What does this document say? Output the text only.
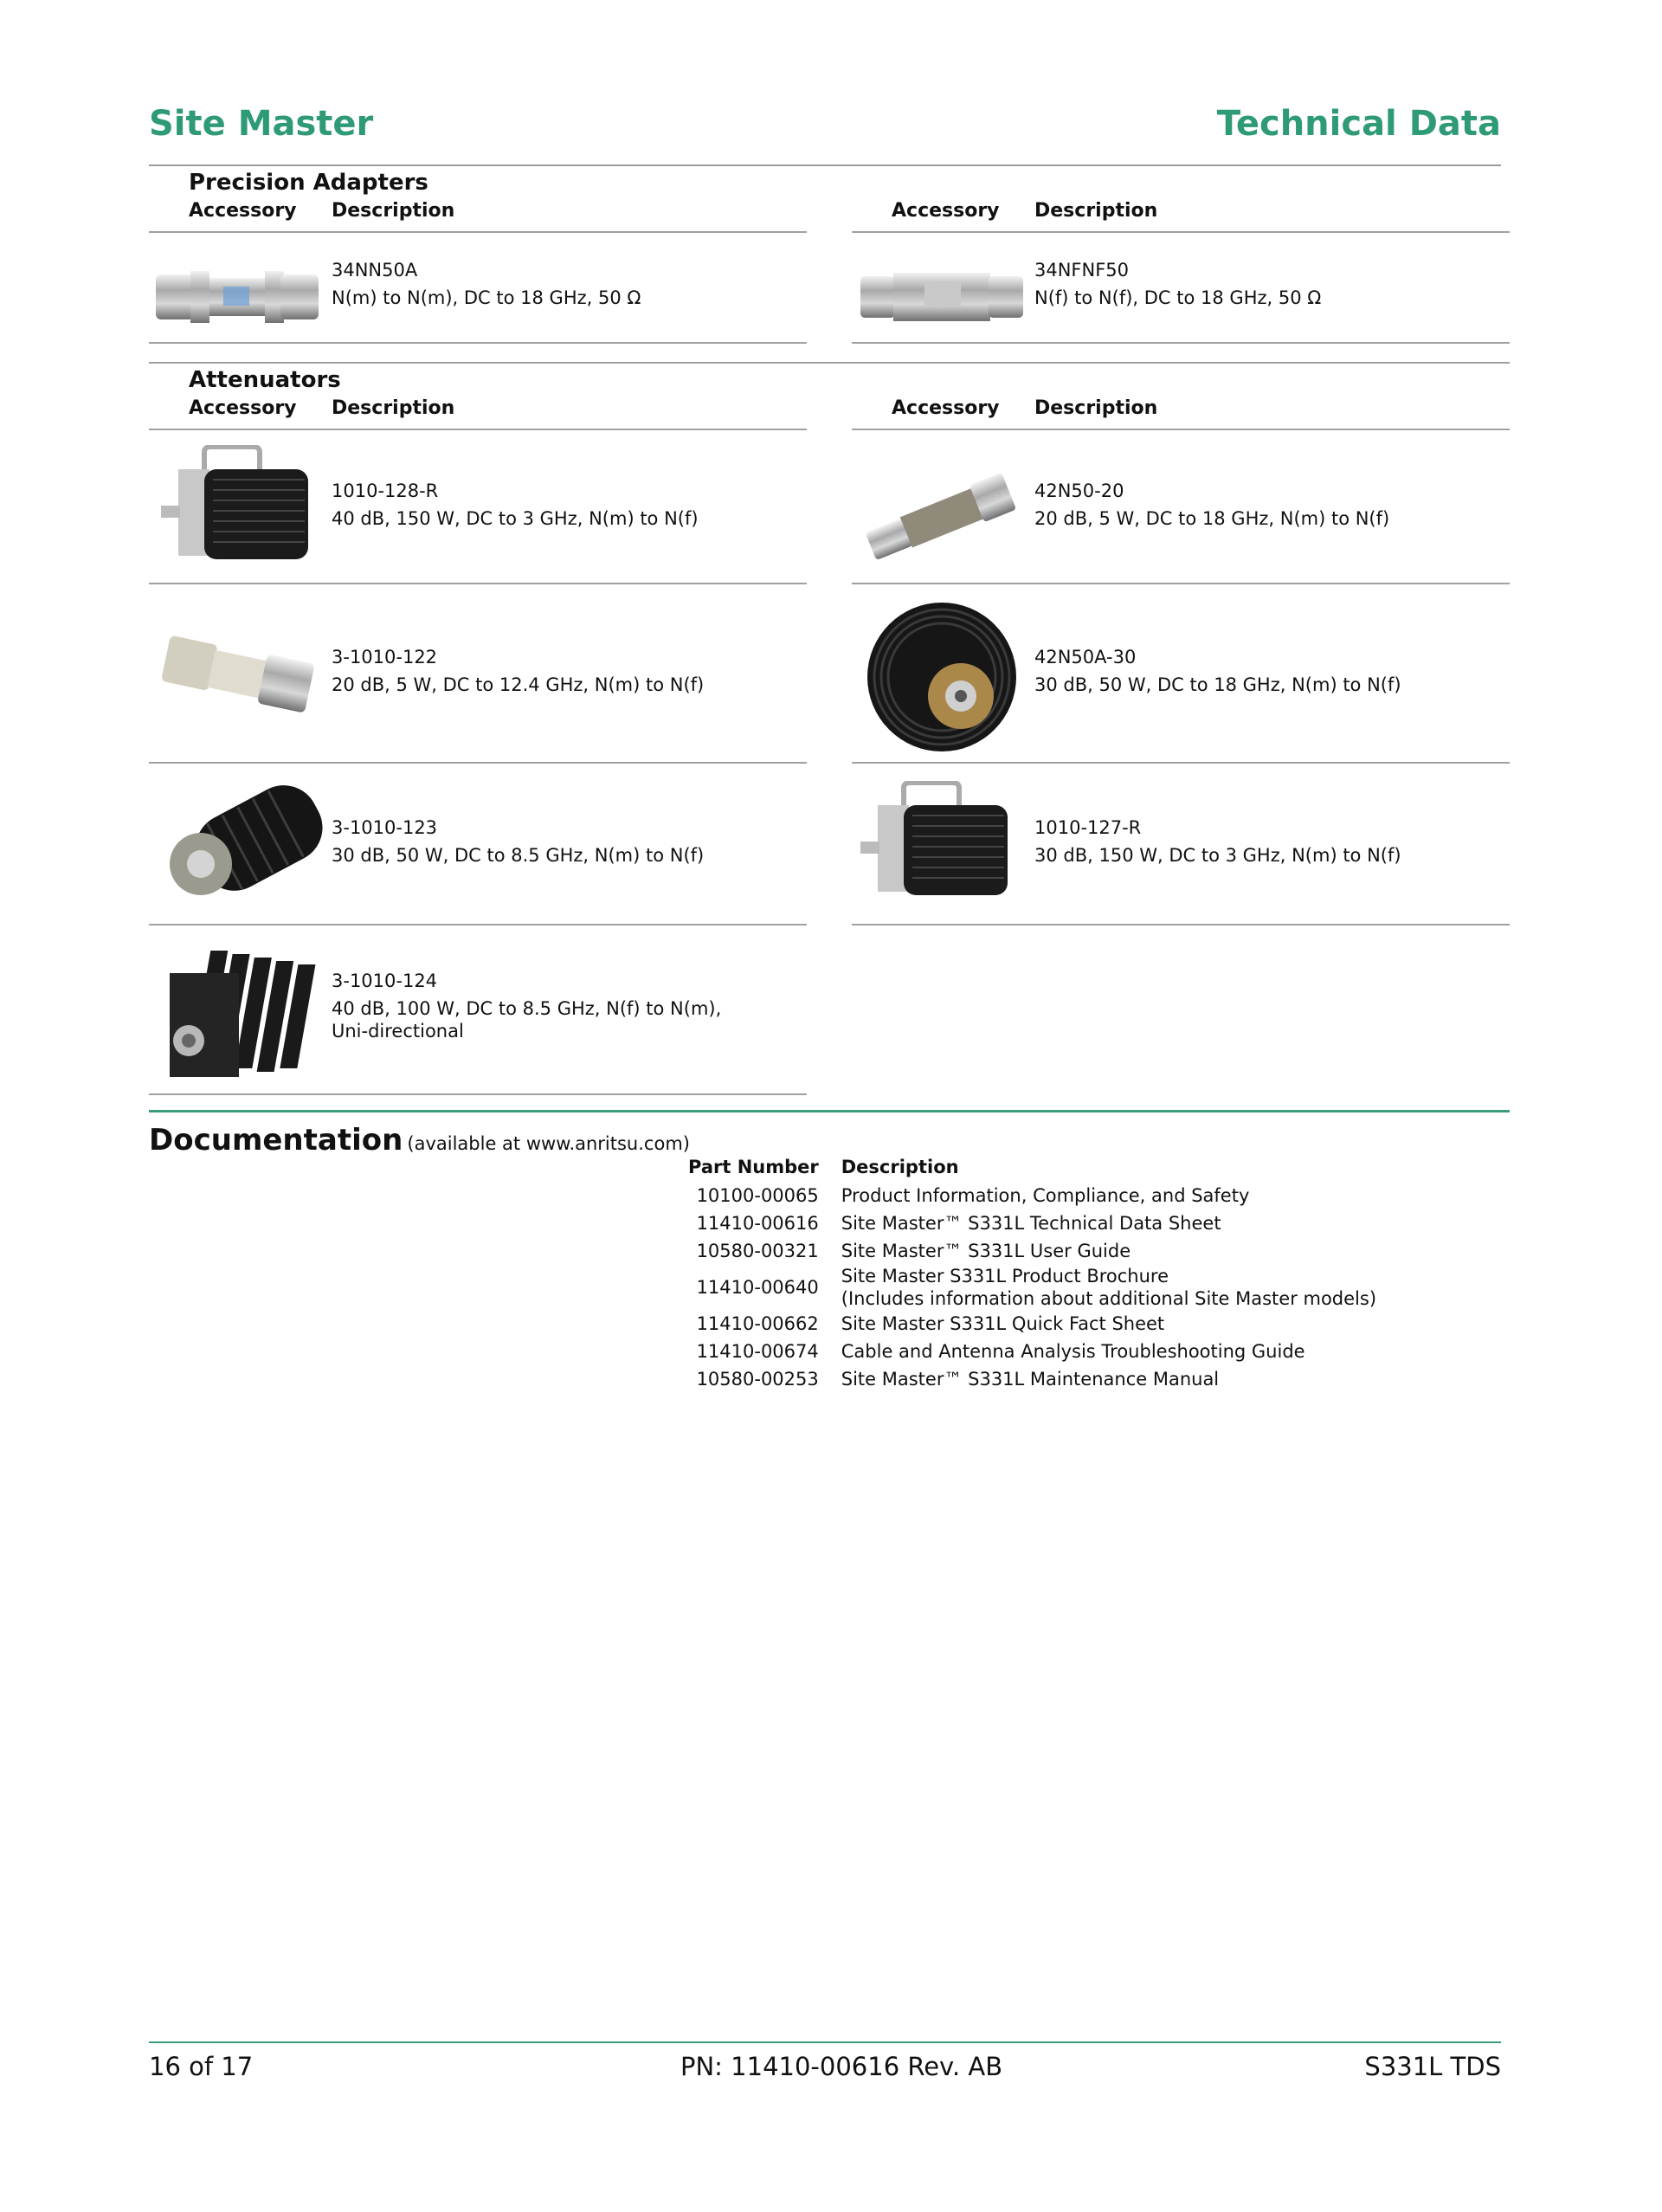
Site Master	Technical Data
Precision Adapters
Accessory Description	Accessory Description
34NN50A
N(m) to N(m), DC to 18 GHz, 50 Ω
34NFNF50
N(f) to N(f), DC to 18 GHz, 50 Ω
Attenuators
Accessory Description	Accessory Description
1010-128-R
40 dB, 150 W, DC to 3 GHz, N(m) to N(f)
42N50-20
20 dB, 5 W, DC to 18 GHz, N(m) to N(f)
3-1010-122
20 dB, 5 W, DC to 12.4 GHz, N(m) to N(f)
42N50A-30
30 dB, 50 W, DC to 18 GHz, N(m) to N(f)
3-1010-123
30 dB, 50 W, DC to 8.5 GHz, N(m) to N(f)
1010-127-R
30 dB, 150 W, DC to 3 GHz, N(m) to N(f)
3-1010-124
40 dB, 100 W, DC to 8.5 GHz, N(f) to N(m),
Uni-directional
Documentation (available at www.anritsu.com)
Part Number	Description
10100-00065	Product Information, Compliance, and Safety
11410-00616	Site Master™ S331L Technical Data Sheet
10580-00321	Site Master™ S331L User Guide
11410-00640	Site Master S331L Product Brochure
(Includes information about additional Site Master models)

11410-00662	Site Master S331L Quick Fact Sheet
11410-00674	Cable and Antenna Analysis Troubleshooting Guide
10580-00253	Site Master™ S331L Maintenance Manual
16 of 17	PN: 11410-00616 Rev. AB	S331L TDS
